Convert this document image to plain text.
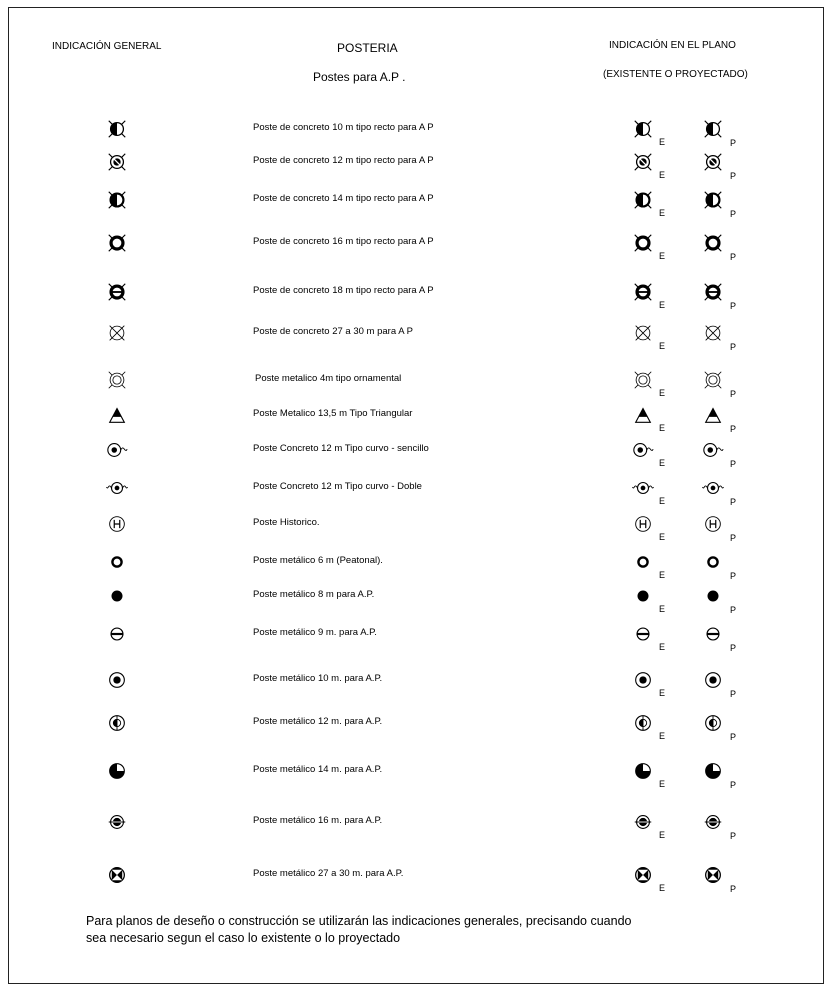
INDICACIÓN GENERAL	POSTERIA
Postes para A.P .
INDICACIÓN EN EL PLANO
(EXISTENTE O PROYECTADO)
Poste de concreto 10 m tipo recto para A P
E	P
Poste de concreto 12 m tipo recto para A P
E	P
Poste de concreto 14 m tipo recto para A P
E	P
Poste de concreto 16 m tipo recto para A P
E	P
Poste de concreto 18 m tipo recto para A P
E	P
Poste de concreto 27 a 30 m para A P
E	P
Poste metalico 4m tipo ornamental
E	P
Poste Metalico 13,5 m Tipo Triangular
E	P
Poste Concreto 12 m Tipo curvo - sencillo
E	P
Poste Concreto 12 m Tipo curvo - Doble
E	P
Poste Historico.
E	P
Poste metálico 6 m (Peatonal).
E	P
Poste metálico 8 m para A.P.
E	P
Poste metálico 9 m. para A.P.
E	P
Poste metálico 10 m. para A.P.
E	P
Poste metálico 12 m. para A.P.
E	P
Poste metálico 14 m. para A.P.
E	P
Poste metálico 16 m. para A.P.
E	P
Poste metálico 27 a 30 m. para A.P.
E	P
Para planos de deseño o construcción se utilizarán las indicaciones generales, precisando cuando
sea necesario segun el caso lo existente o lo proyectado
